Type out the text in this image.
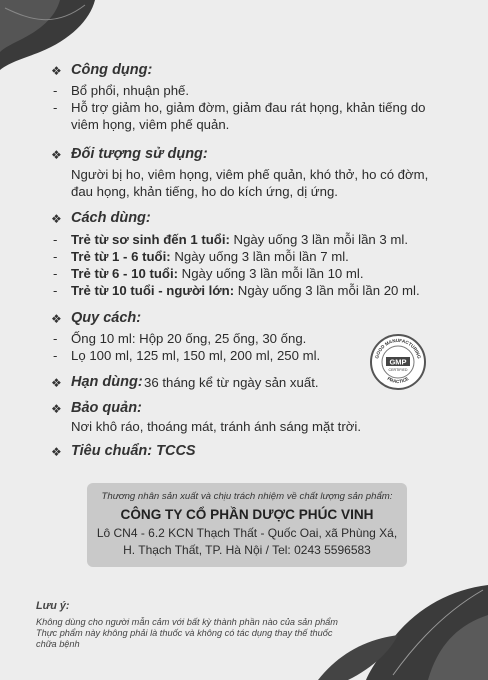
❖ Công dụng:
- Bổ phổi, nhuận phế.
- Hỗ trợ giảm ho, giảm đờm, giảm đau rát họng, khản tiếng do
viêm họng, viêm phế quản.
❖ Đối tượng sử dụng:
Người bị ho, viêm họng, viêm phế quản, khó thở, ho có đờm,
đau họng, khản tiếng, ho do kích ứng, dị ứng.
❖ Cách dùng:
- Trẻ từ sơ sinh đến 1 tuổi: Ngày uống 3 lần mỗi lần 3 ml.
- Trẻ từ 1 - 6 tuổi: Ngày uống 3 lần mỗi lần 7 ml.
- Trẻ từ 6 - 10 tuổi: Ngày uống 3 lần mỗi lần 10 ml.
- Trẻ từ 10 tuổi - người lớn: Ngày uống 3 lần mỗi lần 20 ml.
❖ Quy cách:
- Ống 10 ml: Hộp 20 ống, 25 ống, 30 ống.
- Lọ 100 ml, 125 ml, 150 ml, 200 ml, 250 ml.	GOOD MANUFACTURING
GMP
CERTIFIED
PRACTICE
❖ Hạn dùng: 36 tháng kể từ ngày sản xuất.
❖ Bảo quản:
Nơi khô ráo, thoáng mát, tránh ánh sáng mặt trời.
❖ Tiêu chuẩn: TCCS
Thương nhân sản xuất và chịu trách nhiệm về chất lượng sản phẩm:
CÔNG TY CỔ PHẦN DƯỢC PHÚC VINH
Lô CN4 - 6.2 KCN Thạch Thất - Quốc Oai, xã Phùng Xá,
H. Thạch Thất, TP. Hà Nội / Tel: 0243 5596583
Lưu ý:
Không dùng cho người mẫn cảm với bất kỳ thành phần nào của sản phẩm
Thực phẩm này không phải là thuốc và không có tác dụng thay thế thuốc
chữa bệnh
